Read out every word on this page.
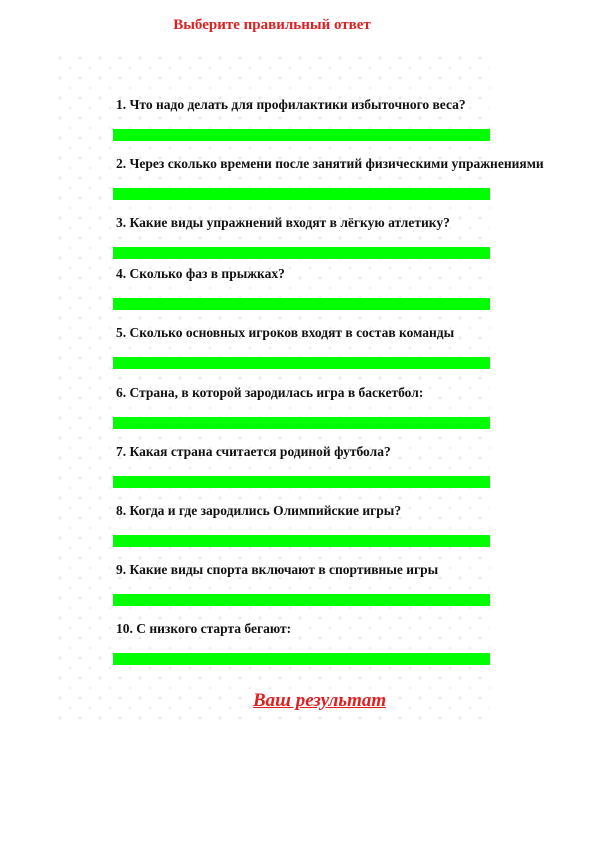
Выберите правильный ответ
1. Что надо делать для профилактики избыточного веса?
2. Через сколько времени после занятий физическими упражнениями
3. Какие виды упражнений входят в лёгкую атлетику?
4. Сколько фаз в прыжках?
5. Сколько основных игроков входят в состав команды
6. Страна, в которой зародилась игра в баскетбол:
7. Какая страна считается родиной футбола?
8. Когда и где зародились Олимпийские игры?
9. Какие виды спорта включают в спортивные игры
10. С низкого старта бегают:
Ваш результат
